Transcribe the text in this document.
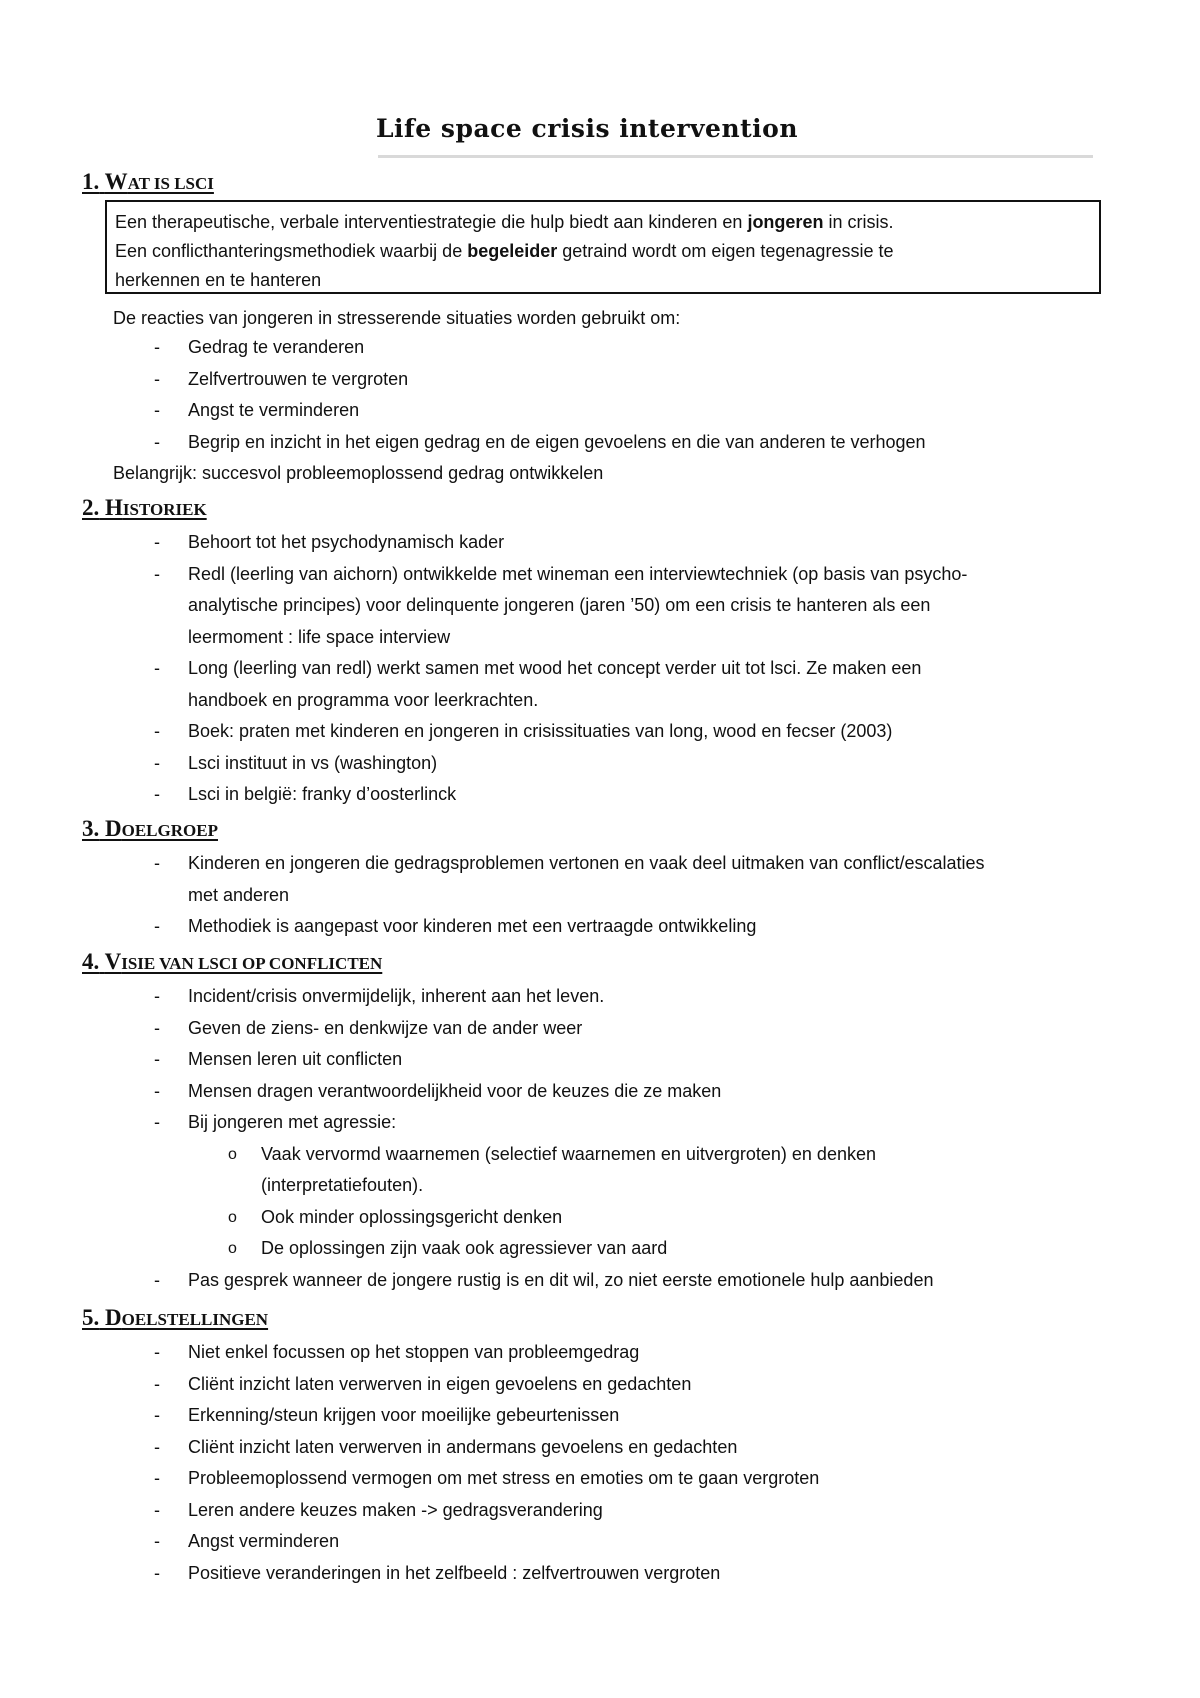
Life space crisis intervention
1. WAT IS LSCI
Een therapeutische, verbale interventiestrategie die hulp biedt aan kinderen en jongeren in crisis.
Een conflicthanteringsmethodiek waarbij de begeleider getraind wordt om eigen tegenagressie te
herkennen en te hanteren
De reacties van jongeren in stresserende situaties worden gebruikt om:
- Gedrag te veranderen
- Zelfvertrouwen te vergroten
- Angst te verminderen
- Begrip en inzicht in het eigen gedrag en de eigen gevoelens en die van anderen te verhogen
Belangrijk: succesvol probleemoplossend gedrag ontwikkelen
2. HISTORIEK
- Behoort tot het psychodynamisch kader
- Redl (leerling van aichorn) ontwikkelde met wineman een interviewtechniek (op basis van psycho-
analytische principes) voor delinquente jongeren (jaren ’50) om een crisis te hanteren als een
leermoment : life space interview
- Long (leerling van redl) werkt samen met wood het concept verder uit tot lsci. Ze maken een
handboek en programma voor leerkrachten.
- Boek: praten met kinderen en jongeren in crisissituaties van long, wood en fecser (2003)
- Lsci instituut in vs (washington)
- Lsci in belgië: franky d’oosterlinck
3. DOELGROEP
- Kinderen en jongeren die gedragsproblemen vertonen en vaak deel uitmaken van conflict/escalaties
met anderen
- Methodiek is aangepast voor kinderen met een vertraagde ontwikkeling
4. VISIE VAN LSCI OP CONFLICTEN
- Incident/crisis onvermijdelijk, inherent aan het leven.
- Geven de ziens- en denkwijze van de ander weer
- Mensen leren uit conflicten
- Mensen dragen verantwoordelijkheid voor de keuzes die ze maken
- Bij jongeren met agressie:
o Vaak vervormd waarnemen (selectief waarnemen en uitvergroten) en denken
(interpretatiefouten).
o Ook minder oplossingsgericht denken
o De oplossingen zijn vaak ook agressiever van aard
- Pas gesprek wanneer de jongere rustig is en dit wil, zo niet eerste emotionele hulp aanbieden
5. DOELSTELLINGEN
- Niet enkel focussen op het stoppen van probleemgedrag
- Cliënt inzicht laten verwerven in eigen gevoelens en gedachten
- Erkenning/steun krijgen voor moeilijke gebeurtenissen
- Cliënt inzicht laten verwerven in andermans gevoelens en gedachten
- Probleemoplossend vermogen om met stress en emoties om te gaan vergroten
- Leren andere keuzes maken -> gedragsverandering
- Angst verminderen
- Positieve veranderingen in het zelfbeeld : zelfvertrouwen vergroten
